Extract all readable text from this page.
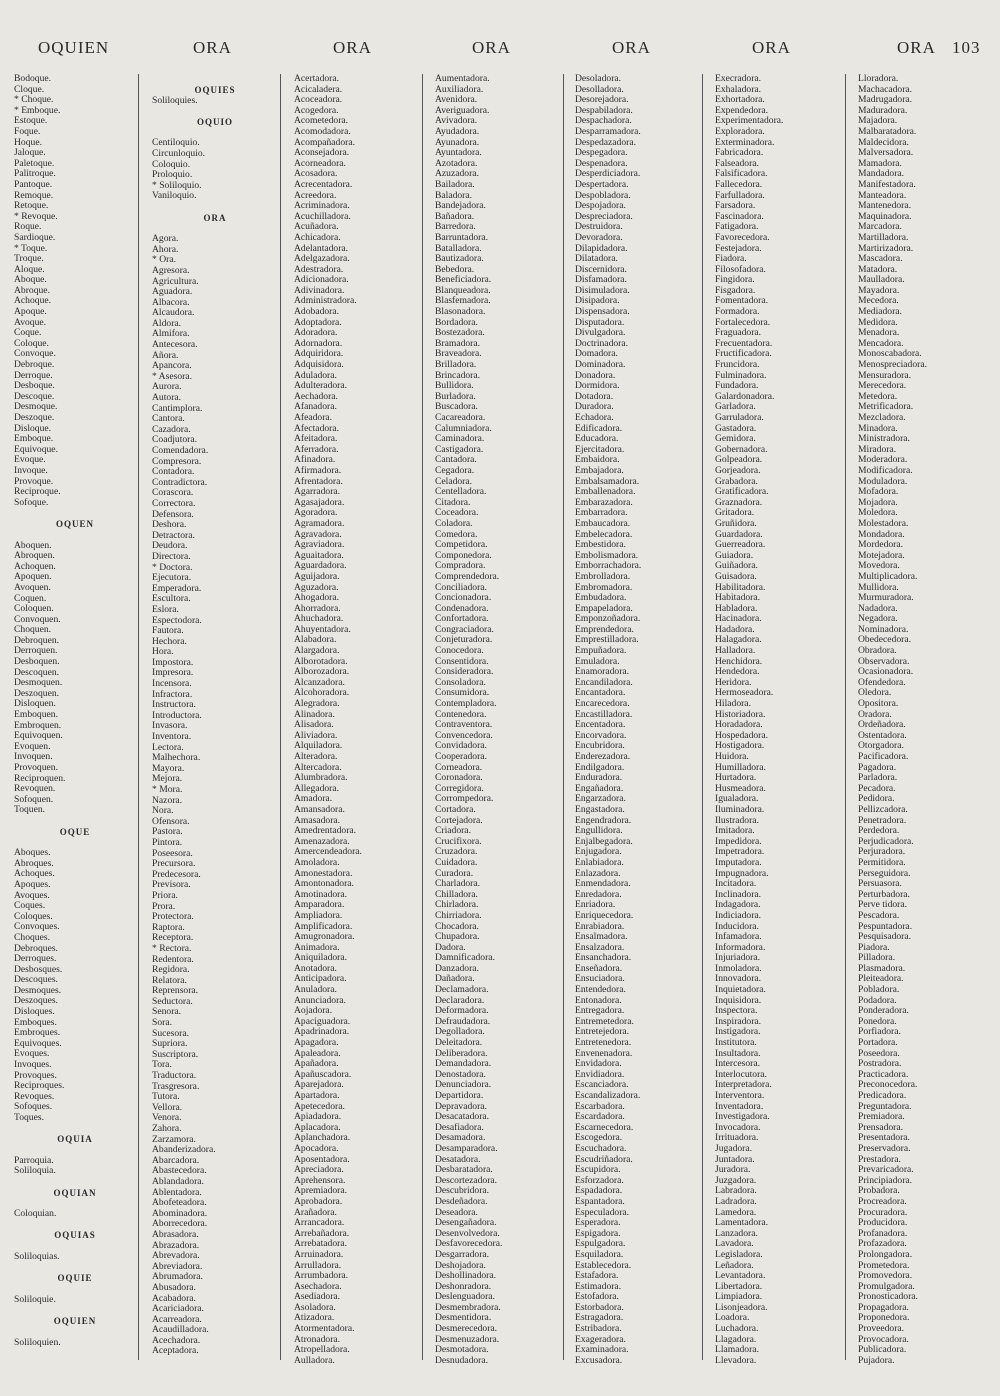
OQUIEN	ORA	ORA	ORA	ORA	ORA	ORA 103
Bodoque.
Cloque.
* Choque.
* Emboque.
Estoque.
Foque.
Hoque.
Jaloque.
Paletoque.
Palitroque.
Pantoque.
Remoque.
Retoque.
* Revoque.
Roque.
Sardioque.
* Toque.
Troque.
Aloque.
Aboque.
Abroque.
Achoque.
Apoque.
Avoque.
Coque.
Coloque.
Convoque.
Debroque.
Derroque.
Desboque.
Descoque.
Desmoque.
Deszoque.
Disloque.
Emboque.
Equivoque.
Evoque.
Invoque.
Provoque.
Reciproque.
Sofoque.
OQUEN
Aboquen.
Abroquen.
Achoquen.
Apoquen.
Avoquen.
Coquen.
Coloquen.
Convoquen.
Choquen.
Debroquen.
Derroquen.
Desboquen.
Descoquen.
Desmoquen.
Deszoquen.
Disloquen.
Emboquen.
Embroquen.
Equivoquen.
Evoquen.
Invoquen.
Provoquen.
Reciproquen.
Revoquen.
Sofoquen.
Toquen.
OQUE
Aboques.
Abroques.
Achoques.
Apoques.
Avoques.
Coques.
Coloques.
Convoques.
Choques.
Debroques.
Derroques.
Desbosques.
Descoques.
Desmoques.
Deszoques.
Disloques.
Emboques.
Embroques.
Equivoques.
Evoques.
Invoques.
Provoques.
Reciproques.
Revoques.
Sofoques.
Toques.
OQUIA
Parroquia.
Soliloquia.
OQUIAN
Coloquian.
OQUIAS
Soliloquias.
OQUIE
Soliloquie.
OQUIEN
Soliloquien.
OQUIES
Soliloquies.
OQUIO
Centiloquio.
Circunloquio.
Coloquio.
Proloquio.
* Soliloquio.
Vaniloquio.
ORA
Agora.
Ahora.
* Ora.
Agresora.
Agricultura.
Aguadora.
Albacora.
Alcaudora.
Aldora.
Almifora.
Antecesora.
Añora.
Apancora.
* Asesora.
Aurora.
Autora.
Cantimplora.
Cantora.
Cazadora.
Coadjutora.
Comendadora.
Compresora.
Contadora.
Contradictora.
Corascora.
Correctora.
Defensora.
Deshora.
Detractora.
Deudora.
Directora.
* Doctora.
Ejecutora.
Emperadora.
Escultora.
Eslora.
Espectodora.
Fautora.
Hechora.
Hora.
Impostora.
Impresora.
Incensora.
Infractora.
Instructora.
Introductora.
Invasora.
Inventora.
Lectora.
Malhechora.
Mayora.
Mejora.
* Mora.
Nazora.
Nora.
Ofensora.
Pastora.
Pintora.
Poseesora.
Precursora.
Predecesora.
Previsora.
Priora.
Prora.
Protectora.
Raptora.
Receptora.
* Rectora.
Redentora.
Regidora.
Relatora.
Reprensora.
Seductora.
Senora.
Sora.
Sucesora.
Supriora.
Suscriptora.
Tora.
Traductora.
Trasgresora.
Tutora.
Vellora.
Venora.
Zahora.
Zarzamora.
Abanderizadora.
Abarcadora.
Abastecedora.
Ablandadora.
Ablentadora.
Abofeteadora.
Abominadora.
Aborrecedora.
Abrasadora.
Abrazadora.
Abrevadora.
Abreviadora.
Abrumadora.
Abusadora.
Acabadora.
Acariciadora.
Acarreadora.
Acaudilladora.
Acechadora.
Aceptadora.
Acertadora.
Acicaladera.
Acoceadora.
Acogedora.
Acometedora.
Acomodadora.
Acompañadora.
Aconsejadora.
Acorneadora.
Acosadora.
Acrecentadora.
Acreedora.
Acriminadora.
Acuchilladora.
Acuñadora.
Achicadora.
Adelantadora.
Adelgazadora.
Adestradora.
Adicionadora.
Adivinadora.
Administradora.
Adobadora.
Adoptadora.
Adoradora.
Adornadora.
Adquiridora.
Adquisidora.
Aduladora.
Adulteradora.
Aechadora.
Afanadora.
Afeadora.
Afectadora.
Afeitadora.
Aferradora.
Afinadora.
Afirmadora.
Afrentadora.
Agarradora.
Agasajadora.
Agoradora.
Agramadora.
Agravadora.
Agraviadora.
Aguaitadora.
Aguardadora.
Aguijadora.
Aguzadora.
Ahogadora.
Ahorradora.
Ahuchadora.
Ahuyentadora.
Alabadora.
Alargadora.
Alborotadora.
Alborozadora.
Alcanzadora.
Alcohoradora.
Alegradora.
Alinadora.
Alisadora.
Aliviadora.
Alquiladora.
Alteradora.
Altercadora.
Alumbradora.
Allegadora.
Amadora.
Amansadora.
Amasadora.
Amedrentadora.
Amenazadora.
Amercendeadora.
Amoladora.
Amonestadora.
Amontonadora.
Amotinadora.
Amparadora.
Ampliadora.
Amplificadora.
Amugronadora.
Animadora.
Aniquiladora.
Anotadora.
Anticipadora.
Anuladora.
Anunciadora.
Aojadora.
Apaciguadora.
Apadrinadora.
Apagadora.
Apaleadora.
Apañadora.
Apañuscadora.
Aparejadora.
Apartadora.
Apetecedora.
Apiadadora.
Aplacadora.
Aplanchadora.
Apocadora.
Aposentadora.
Apreciadora.
Aprehensora.
Apremiadora.
Aprobadora.
Arañadora.
Arrancadora.
Arrebañadora.
Arrebatadora.
Arruinadora.
Arrulladora.
Arrumbadora.
Asechadora.
Asediadora.
Asoladora.
Atizadora.
Atormentadora.
Atronadora.
Atropelladora.
Aulladora.
Aumentadora.
Auxiliadora.
Avenidora.
Averiguadora.
Avivadora.
Ayudadora.
Ayunadora.
Ayuntadora.
Azotadora.
Azuzadora.
Bailadora.
Baladora.
Bandejadora.
Bañadora.
Barredora.
Barruntadora.
Batalladora.
Bautizadora.
Bebedora.
Beneficiadora.
Blanqueadora.
Blasfemadora.
Blasonadora.
Bordadora.
Bostezadora.
Bramadora.
Braveadora.
Brilladora.
Brincadora.
Bullidora.
Burladora.
Buscadora.
Cacareadora.
Calumniadora.
Caminadora.
Castigadora.
Cantadora.
Cegadora.
Celadora.
Centelladora.
Citadora.
Coceadora.
Coladora.
Comedora.
Competidora.
Componedora.
Compradora.
Comprendedora.
Conciliadora.
Concionadora.
Condenadora.
Confortadora.
Congraciadora.
Conjeturadora.
Conocedora.
Consentidora.
Consideradora.
Consoladora.
Consumidora.
Contempladora.
Contenedora.
Contraventora.
Convencedora.
Convidadora.
Cooperadora.
Corneadora.
Coronadora.
Corregidora.
Corrompedora.
Cortadora.
Cortejadora.
Criadora.
Crucifixora.
Cruzadora.
Cuidadora.
Curadora.
Charladora.
Chilladora.
Chirladora.
Chirriadora.
Chocadora.
Chupadora.
Dadora.
Damnificadora.
Danzadora.
Dañadora.
Declamadora.
Declaradora.
Deformadora.
Defraudadora.
Degolladora.
Deleitadora.
Deliberadora.
Demandadora.
Denostadora.
Denunciadora.
Departidora.
Depravadora.
Desacatadora.
Desafiadora.
Desamadora.
Desamparadora.
Desatadora.
Desbaratadora.
Descortezadora.
Descubridora.
Desdeñadora.
Deseadora.
Desengañadora.
Desenvolvedora.
Desfavorecedora.
Desgarradora.
Deshojadora.
Deshollinadora.
Deshonradora.
Deslenguadora.
Desmembradora.
Desmentidora.
Desmerecedora.
Desmenuzadora.
Desmotadora.
Desnudadora.
Desoladora.
Desolladora.
Desorejadora.
Despabiladora.
Despachadora.
Desparramadora.
Despedazadora.
Despegadora.
Despenadora.
Desperdiciadora.
Despertadora.
Despobladora.
Despojadora.
Despreciadora.
Destruidora.
Devoradora.
Dilapidadora.
Dilatadora.
Discernidora.
Disfamadora.
Disimuladora.
Disipadora.
Dispensadora.
Disputadora.
Divulgadora.
Doctrinadora.
Domadora.
Dominadora.
Donadora.
Dormidora.
Dotadora.
Duradora.
Echadora.
Edificadora.
Educadora.
Ejercitadora.
Embaidora.
Embajadora.
Embalsamadora.
Emballenadora.
Embarazadora.
Embarradora.
Embaucadora.
Embelecadora.
Embestidora.
Embolismadora.
Emborrachadora.
Embrolladora.
Embromadora.
Embudadora.
Empapeladora.
Emponzoñadora.
Emprendedora.
Emprestilladora.
Empuñadora.
Emuladora.
Enamoradora.
Encandiladora.
Encantadora.
Encarecedora.
Encastilladora.
Encentadora.
Encorvadora.
Encubridora.
Enderezadora.
Endilgadora.
Enduradora.
Engañadora.
Engarzadora.
Engastadora.
Engendradora.
Engullidora.
Enjalbegadora.
Enjugadora.
Enlabiadora.
Enlazadora.
Enmendadora.
Enredadora.
Enriadora.
Enriquecedora.
Enrabiadora.
Ensalmadora.
Ensalzadora.
Ensanchadora.
Enseñadora.
Ensuciadora.
Entendedora.
Entonadora.
Entregadora.
Entremetedora.
Entretejedora.
Entretenedora.
Envenenadora.
Envidadora.
Envidiadora.
Escanciadora.
Escandalizadora.
Escarbadora.
Escardadora.
Escarnecedora.
Escogedora.
Escuchadora.
Escudriñadora.
Escupidora.
Esforzadora.
Espadadora.
Espantadora.
Especuladora.
Esperadora.
Espigadora.
Espulgadora.
Esquiladora.
Establecedora.
Estafadora.
Estimadora.
Estofadora.
Estorbadora.
Estragadora.
Estribadora.
Exageradora.
Examinadora.
Excusadora.
Execradora.
Exhaladora.
Exhortadora.
Expendedora.
Experimentadora.
Exploradora.
Exterminadora.
Fabricadora.
Falseadora.
Falsificadora.
Fallecedora.
Farfulladora.
Farsadora.
Fascinadora.
Fatigadora.
Favorecedora.
Festejadora.
Fiadora.
Filosofadora.
Fingidora.
Fisgadora.
Fomentadora.
Formadora.
Fortalecedora.
Fraguadora.
Frecuentadora.
Fructificadora.
Fruncidora.
Fulminadora.
Fundadora.
Galardonadora.
Garladora.
Garruladora.
Gastadora.
Gemidora.
Gobernadora.
Golpeadora.
Gorjeadora.
Grabadora.
Gratificadora.
Graznadora.
Gritadora.
Gruñidora.
Guardadora.
Guerreadora.
Guiadora.
Guiñadora.
Guisadora.
Habilitadora.
Habitadora.
Habladora.
Hacinadora.
Hadadora.
Halagadora.
Halladora.
Henchidora.
Hendedora.
Heridora.
Hermoseadora.
Hiladora.
Historiadora.
Horadadora.
Hospedadora.
Hostigadora.
Huidora.
Humilladora.
Hurtadora.
Husmeadora.
Igualadora.
Iluminadora.
Ilustradora.
Imitadora.
Impedidora.
Impetradora.
Imputadora.
Impugnadora.
Incitadora.
Inclinadora.
Indagadora.
Indiciadora.
Inducidora.
Infamadora.
Informadora.
Injuriadora.
Inmoladora.
Innovadora.
Inquietadora.
Inquisidora.
Inspectora.
Inspiradora.
Instigadora.
Institutora.
Insultadora.
Intercesora.
Interlocutora.
Interpretadora.
Interventora.
Inventadora.
Investigadora.
Invocadora.
Irrituadora.
Jugadora.
Juntadora.
Juradora.
Juzgadora.
Labradora.
Ladradora.
Lamedora.
Lamentadora.
Lanzadora.
Lavadora.
Legisladora.
Leñadora.
Levantadora.
Libertadora.
Limpiadora.
Lisonjeadora.
Loadora.
Luchadora.
Llagadora.
Llamadora.
Llevadora.
Lloradora.
Machacadora.
Madrugadora.
Maduradora.
Majadora.
Malbaratadora.
Maldecidora.
Malversadora.
Mamadora.
Mandadora.
Manifestadora.
Manteadora.
Mantenedora.
Maquinadora.
Marcadora.
Martilladora.
Martirizadora.
Mascadora.
Matadora.
Maulladora.
Mayadora.
Mecedora.
Mediadora.
Medidora.
Menadora.
Mencadora.
Monoscabadora.
Menospreciadora.
Mensuradora.
Merecedora.
Metedora.
Metrificadora.
Mezcladora.
Minadora.
Ministradora.
Miradora.
Moderadora.
Modificadora.
Moduladora.
Mofadora.
Mojadora.
Moledora.
Molestadora.
Mondadora.
Mordedora.
Motejadora.
Movedora.
Multiplicadora.
Mullidora.
Murmuradora.
Nadadora.
Negadora.
Nominadora.
Obedecedora.
Obradora.
Observadora.
Ocasionadora.
Ofendedora.
Oledora.
Opositora.
Oradora.
Ordeñadora.
Ostentadora.
Otorgadora.
Pacificadora.
Pagadora.
Parladora.
Pecadora.
Pedidora.
Pellizcadora.
Penetradora.
Perdedora.
Perjudicadora.
Perjuradora.
Permitidora.
Perseguidora.
Persuasora.
Perturbadora.
Perve tidora.
Pescadora.
Pespuntadora.
Pesquisadora.
Piadora.
Pilladora.
Plasmadora.
Pleiteadora.
Pobladora.
Podadora.
Ponderadora.
Ponedora.
Porfiadora.
Portadora.
Poseedora.
Postradora.
Practicadora.
Preconocedora.
Predicadora.
Preguntadora.
Premiadora.
Prensadora.
Presentadora.
Preservadora.
Prestadora.
Prevaricadora.
Principiadora.
Probadora.
Procreadora.
Procuradora.
Producidora.
Profanadora.
Profazadora.
Prolongadora.
Prometedora.
Promovedora.
Promulgadora.
Pronosticadora.
Propagadora.
Proponedora.
Proveedora.
Provocadora.
Publicadora.
Pujadora.
